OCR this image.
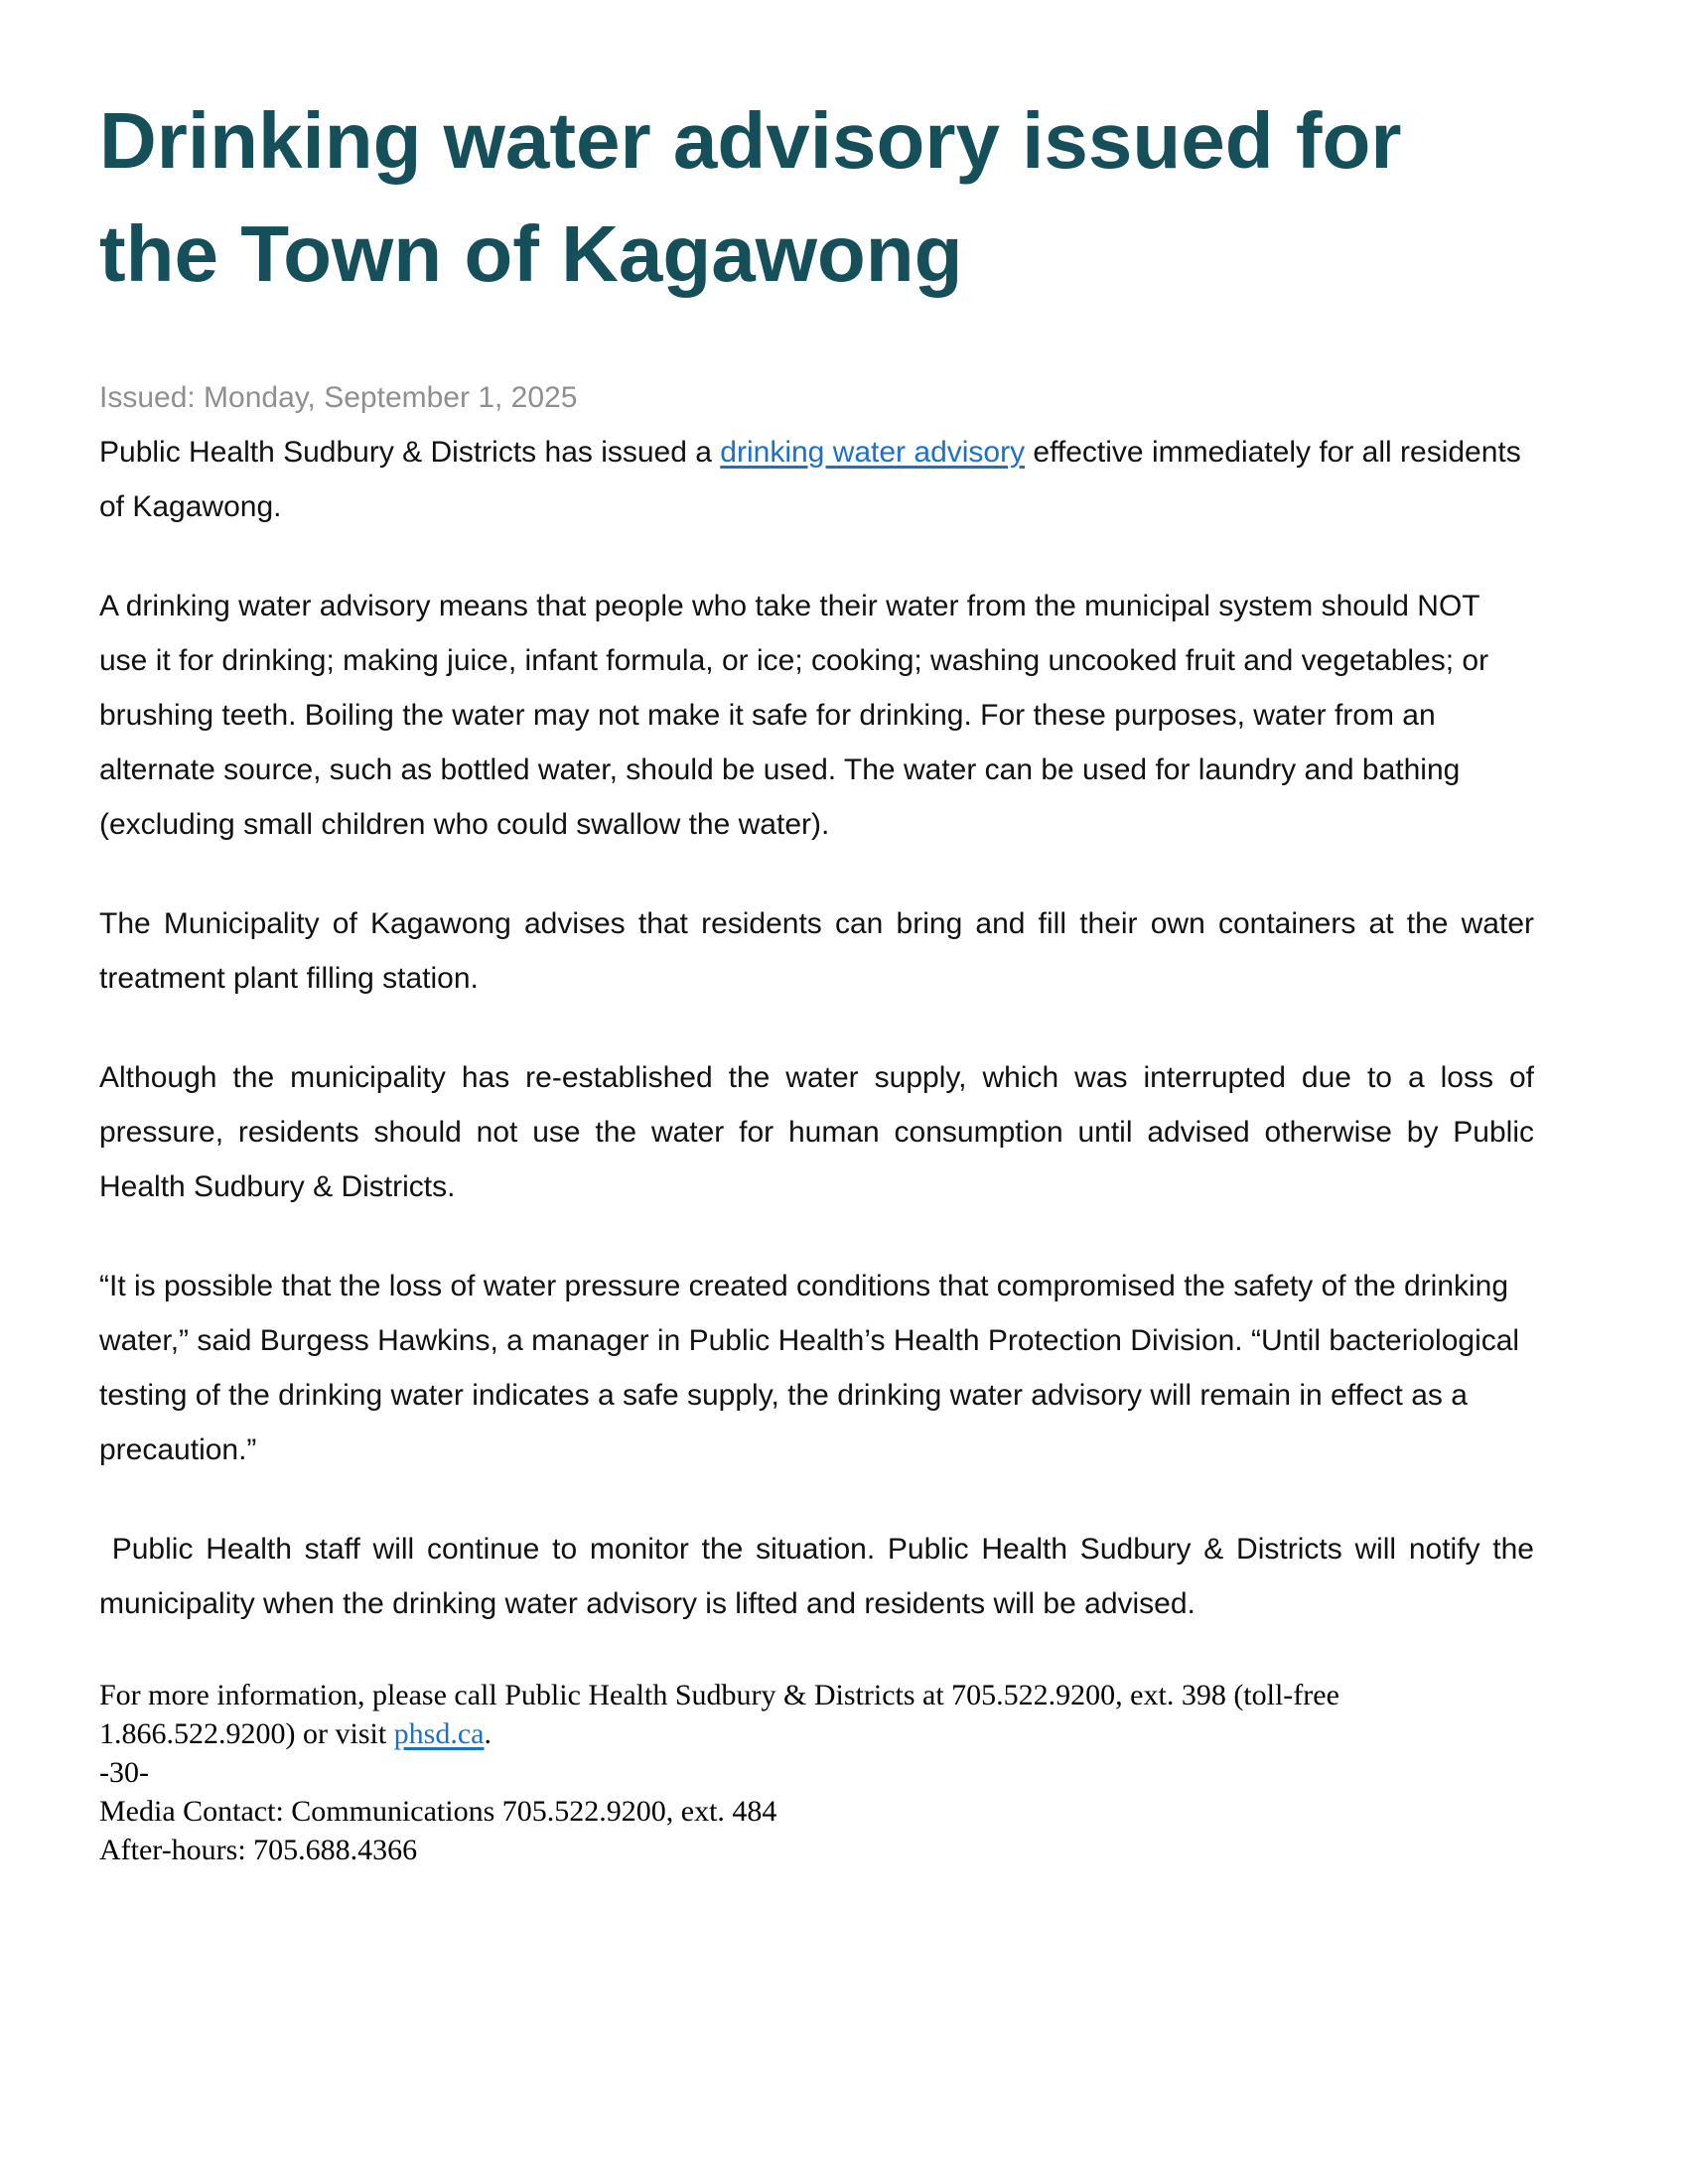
Drinking water advisory issued for
the Town of Kagawong

Issued: Monday, September 1, 2025

Public Health Sudbury & Districts has issued a drinking water advisory effective immediately for all residents of Kagawong.

A drinking water advisory means that people who take their water from the municipal system should NOT use it for drinking; making juice, infant formula, or ice; cooking; washing uncooked fruit and vegetables; or brushing teeth. Boiling the water may not make it safe for drinking. For these purposes, water from an alternate source, such as bottled water, should be used. The water can be used for laundry and bathing (excluding small children who could swallow the water).

The Municipality of Kagawong advises that residents can bring and fill their own containers at the water treatment plant filling station.

Although the municipality has re-established the water supply, which was interrupted due to a loss of pressure, residents should not use the water for human consumption until advised otherwise by Public Health Sudbury & Districts.

“It is possible that the loss of water pressure created conditions that compromised the safety of the drinking water,” said Burgess Hawkins, a manager in Public Health’s Health Protection Division. “Until bacteriological testing of the drinking water indicates a safe supply, the drinking water advisory will remain in effect as a precaution.”

Public Health staff will continue to monitor the situation. Public Health Sudbury & Districts will notify the municipality when the drinking water advisory is lifted and residents will be advised.

For more information, please call Public Health Sudbury & Districts at 705.522.9200, ext. 398 (toll-free 1.866.522.9200) or visit phsd.ca.

-30-

Media Contact: Communications 705.522.9200, ext. 484

After-hours: 705.688.4366
